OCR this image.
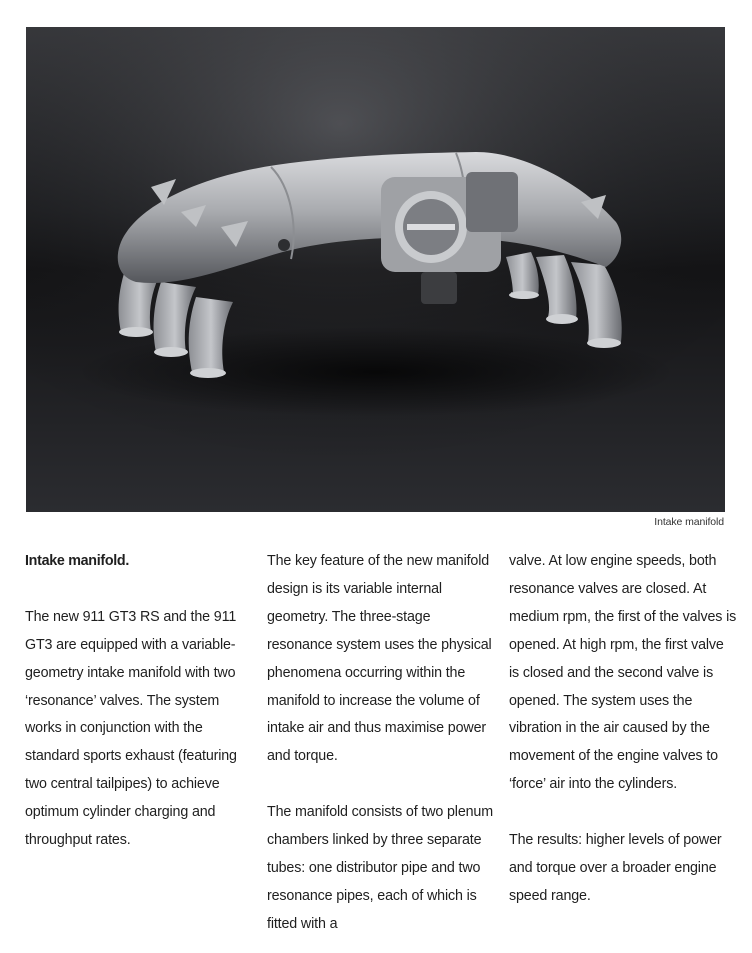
Intake manifold

Intake manifold.

The new 911 GT3 RS and the 911 GT3 are equipped with a variable-geometry intake manifold with two ‘resonance’ valves. The system works in conjunction with the standard sports exhaust (featuring two central tailpipes) to achieve optimum cylinder charging and throughput rates.

The key feature of the new manifold design is its variable internal geometry. The three-stage resonance system uses the physical phenomena occurring within the manifold to increase the volume of intake air and thus maximise power and torque.

The manifold consists of two plenum chambers linked by three separate tubes: one distributor pipe and two resonance pipes, each of which is fitted with a

valve. At low engine speeds, both resonance valves are closed. At medium rpm, the first of the valves is opened. At high rpm, the first valve is closed and the second valve is opened. The system uses the vibration in the air caused by the movement of the engine valves to ‘force’ air into the cylinders.

The results: higher levels of power and torque over a broader engine speed range.
